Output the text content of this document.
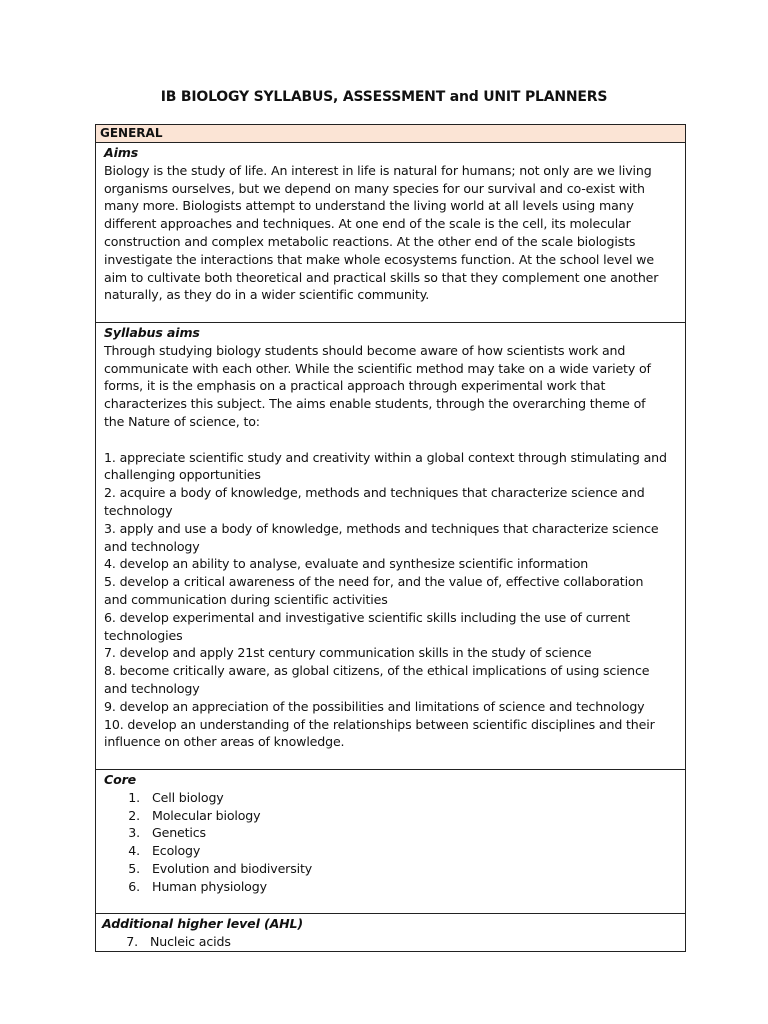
IB BIOLOGY SYLLABUS, ASSESSMENT and UNIT PLANNERS
GENERAL
Aims
Biology is the study of life. An interest in life is natural for humans; not only are we living
organisms ourselves, but we depend on many species for our survival and co-exist with
many more. Biologists attempt to understand the living world at all levels using many
different approaches and techniques. At one end of the scale is the cell, its molecular
construction and complex metabolic reactions. At the other end of the scale biologists
investigate the interactions that make whole ecosystems function. At the school level we
aim to cultivate both theoretical and practical skills so that they complement one another
naturally, as they do in a wider scientific community.
Syllabus aims
Through studying biology students should become aware of how scientists work and
communicate with each other. While the scientific method may take on a wide variety of
forms, it is the emphasis on a practical approach through experimental work that
characterizes this subject. The aims enable students, through the overarching theme of
the Nature of science, to:
1. appreciate scientific study and creativity within a global context through stimulating and
challenging opportunities
2. acquire a body of knowledge, methods and techniques that characterize science and
technology
3. apply and use a body of knowledge, methods and techniques that characterize science
and technology
4. develop an ability to analyse, evaluate and synthesize scientific information
5. develop a critical awareness of the need for, and the value of, effective collaboration
and communication during scientific activities
6. develop experimental and investigative scientific skills including the use of current
technologies
7. develop and apply 21st century communication skills in the study of science
8. become critically aware, as global citizens, of the ethical implications of using science
and technology
9. develop an appreciation of the possibilities and limitations of science and technology
10. develop an understanding of the relationships between scientific disciplines and their
influence on other areas of knowledge.
Core
1. Cell biology
2. Molecular biology
3. Genetics
4. Ecology
5. Evolution and biodiversity
6. Human physiology
Additional higher level (AHL)
7. Nucleic acids
